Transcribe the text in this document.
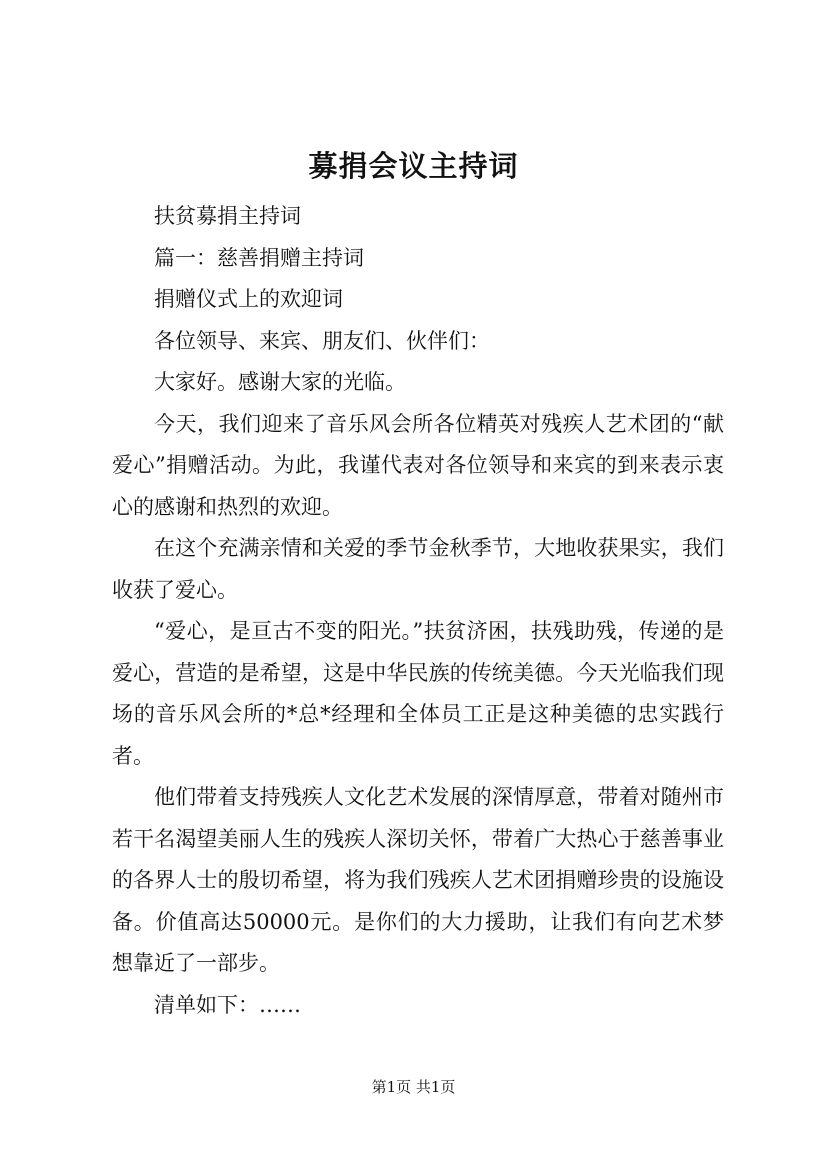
募捐会议主持词

扶贫募捐主持词

篇一：慈善捐赠主持词

捐赠仪式上的欢迎词

各位领导、来宾、朋友们、伙伴们：

大家好。感谢大家的光临。

今天，我们迎来了音乐风会所各位精英对残疾人艺术团的“献爱心”捐赠活动。为此，我谨代表对各位领导和来宾的到来表示衷心的感谢和热烈的欢迎。

在这个充满亲情和关爱的季节金秋季节，大地收获果实，我们收获了爱心。

“爱心，是亘古不变的阳光。”扶贫济困，扶残助残，传递的是爱心，营造的是希望，这是中华民族的传统美德。今天光临我们现场的音乐风会所的*总*经理和全体员工正是这种美德的忠实践行者。

他们带着支持残疾人文化艺术发展的深情厚意，带着对随州市若干名渴望美丽人生的残疾人深切关怀，带着广大热心于慈善事业的各界人士的殷切希望，将为我们残疾人艺术团捐赠珍贵的设施设备。价值高达50000元。是你们的大力援助，让我们有向艺术梦想靠近了一部步。

清单如下：……

第1页 共1页
